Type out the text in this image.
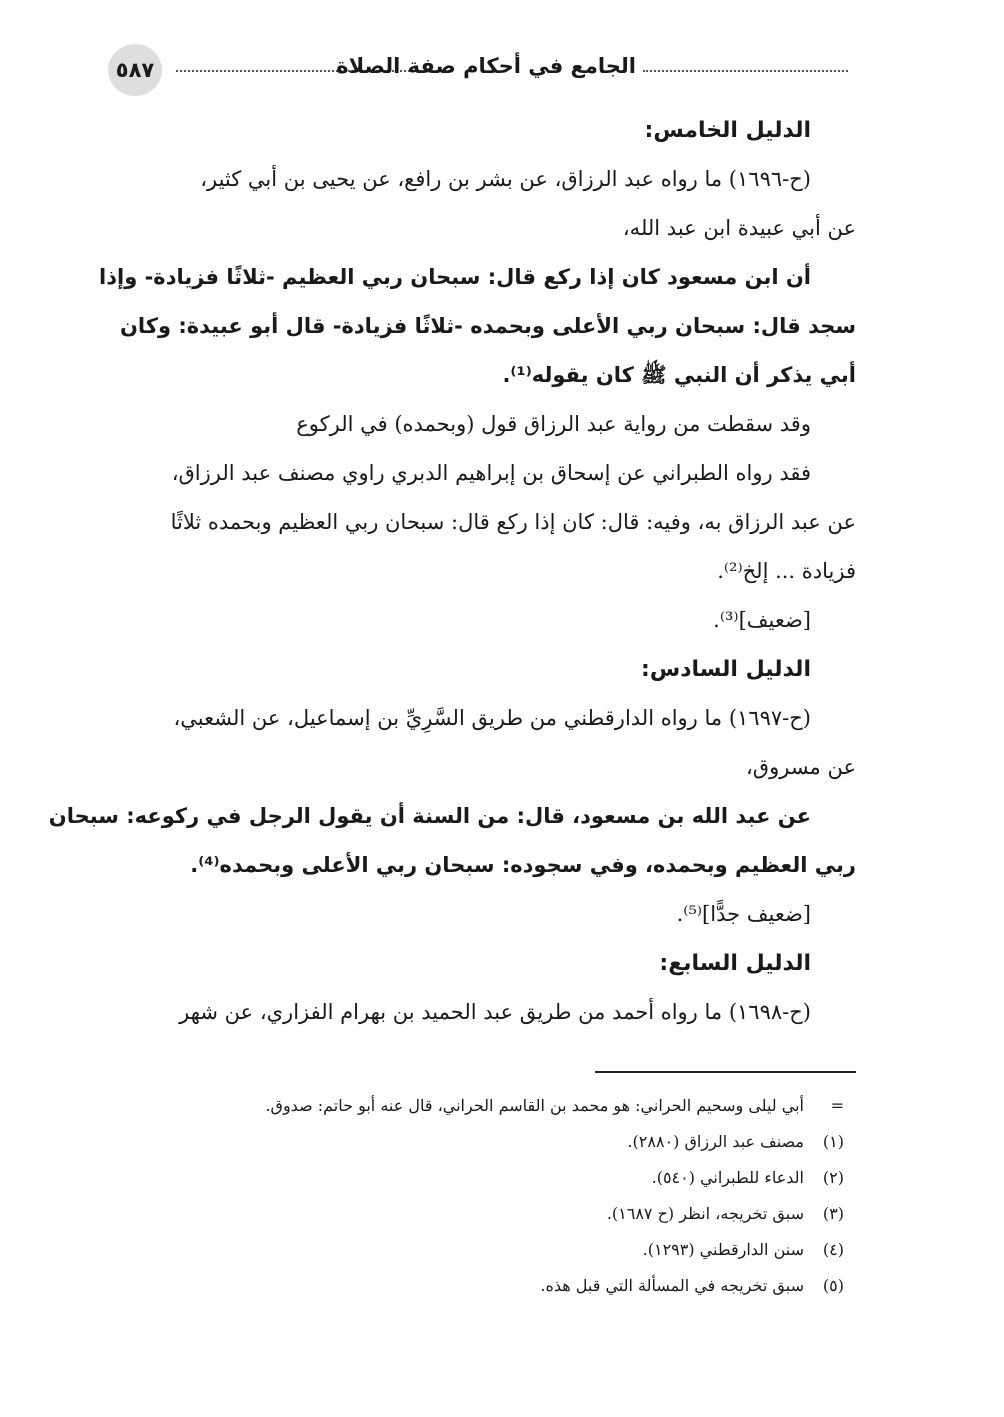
٥٨٧	الجامع في أحكام صفة الصلاة
الدليل الخامس:
(ح-١٦٩٦) ما رواه عبد الرزاق، عن بشر بن رافع، عن يحيى بن أبي كثير،
عن أبي عبيدة ابن عبد الله،
أن ابن مسعود كان إذا ركع قال: سبحان ربي العظيم -ثلاثًا فزيادة- وإذا
سجد قال: سبحان ربي الأعلى وبحمده -ثلاثًا فزيادة- قال أبو عبيدة: وكان
أبي يذكر أن النبي ﷺ كان يقوله⁽¹⁾.
وقد سقطت من رواية عبد الرزاق قول (وبحمده) في الركوع
فقد رواه الطبراني عن إسحاق بن إبراهيم الدبري راوي مصنف عبد الرزاق،
عن عبد الرزاق به، وفيه: قال: كان إذا ركع قال: سبحان ربي العظيم وبحمده ثلاثًا
فزيادة ... إلخ⁽²⁾.
[ضعيف]⁽³⁾.
الدليل السادس:
(ح-١٦٩٧) ما رواه الدارقطني من طريق السَّرِيِّ بن إسماعيل، عن الشعبي،
عن مسروق،
عن عبد الله بن مسعود، قال: من السنة أن يقول الرجل في ركوعه: سبحان
ربي العظيم وبحمده، وفي سجوده: سبحان ربي الأعلى وبحمده⁽⁴⁾.
[ضعيف جدًّا]⁽⁵⁾.
الدليل السابع:
(ح-١٦٩٨) ما رواه أحمد من طريق عبد الحميد بن بهرام الفزاري، عن شهر
=أبي ليلى وسحيم الحراني: هو محمد بن القاسم الحراني، قال عنه أبو حاتم: صدوق.
(١)مصنف عبد الرزاق (٢٨٨٠).
(٢)الدعاء للطبراني (٥٤٠).
(٣)سبق تخريجه، انظر (ح ١٦٨٧).
(٤)سنن الدارقطني (١٢٩٣).
(٥)سبق تخريجه في المسألة التي قبل هذه.
